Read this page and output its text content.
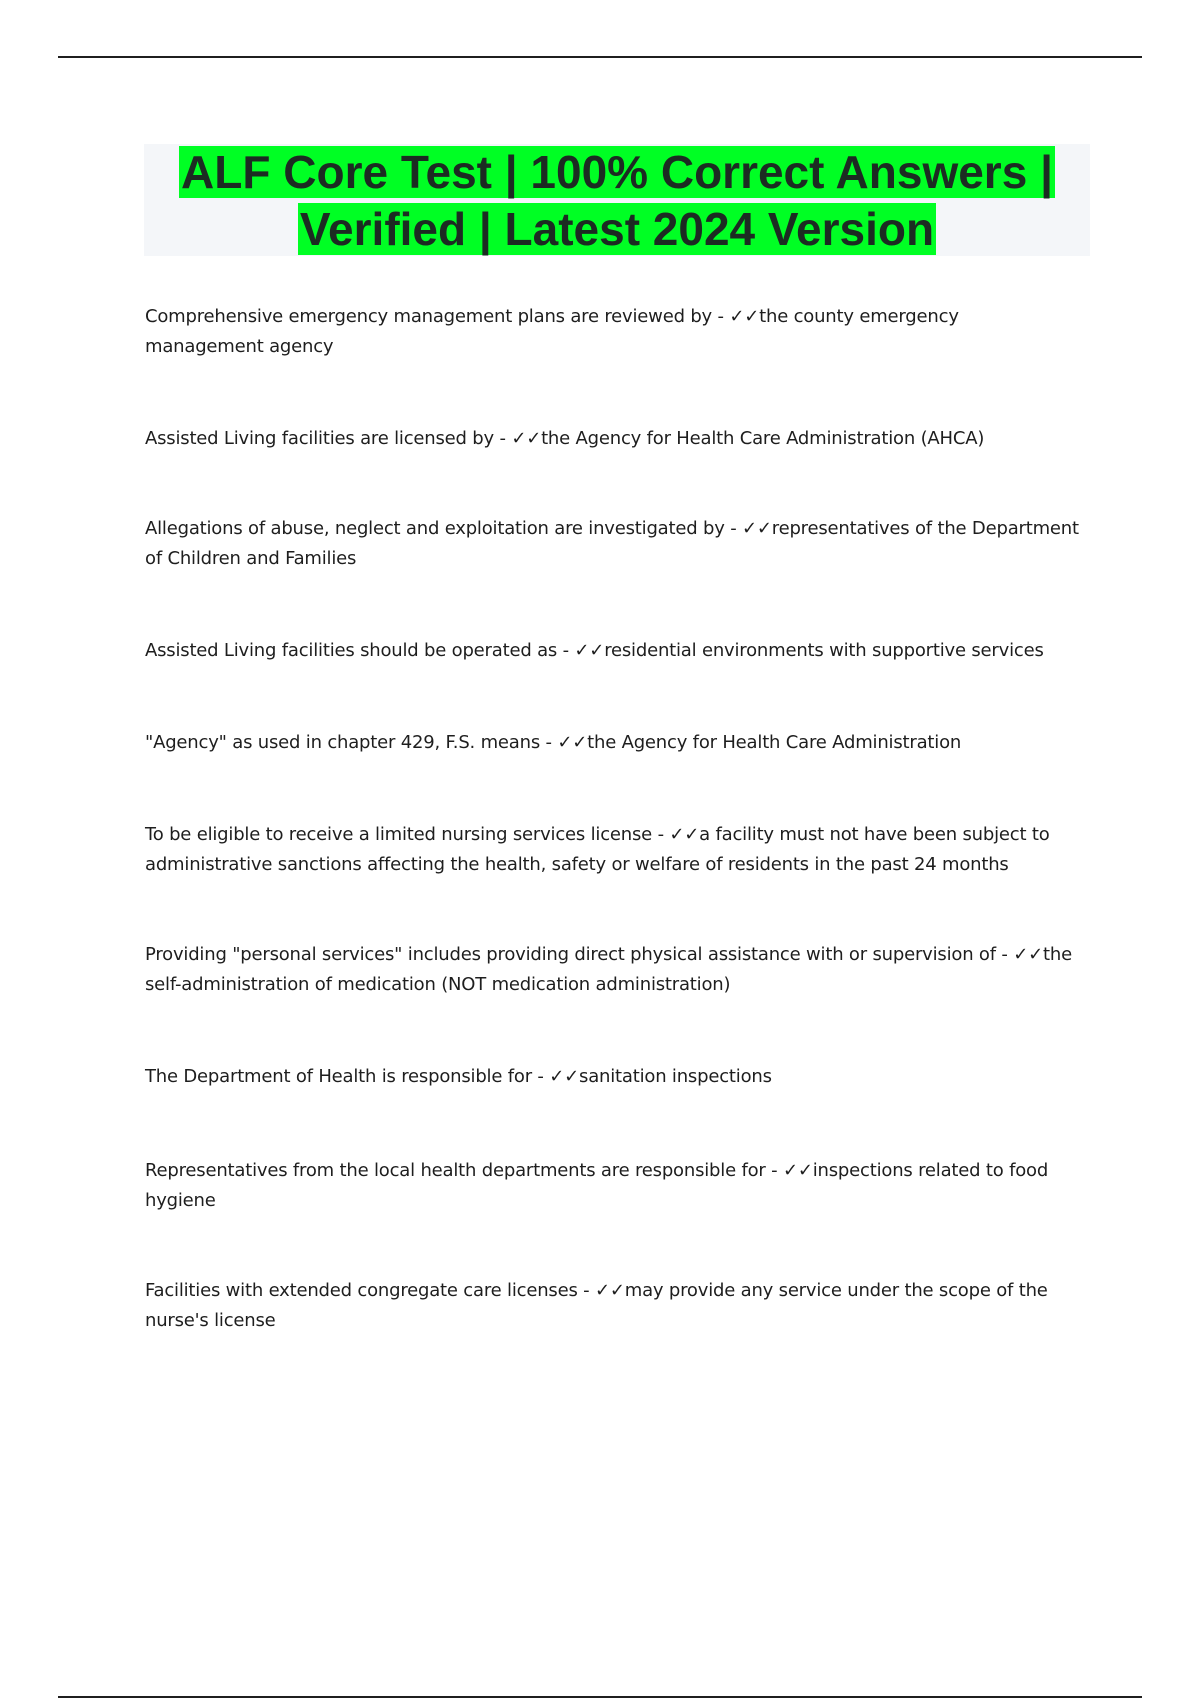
ALF Core Test | 100% Correct Answers |
Verified | Latest 2024 Version
Comprehensive emergency management plans are reviewed by - ✓✓the county emergency management agency
Assisted Living facilities are licensed by - ✓✓the Agency for Health Care Administration (AHCA)
Allegations of abuse, neglect and exploitation are investigated by - ✓✓representatives of the Department of Children and Families
Assisted Living facilities should be operated as - ✓✓residential environments with supportive services
"Agency" as used in chapter 429, F.S. means - ✓✓the Agency for Health Care Administration
To be eligible to receive a limited nursing services license - ✓✓a facility must not have been subject to administrative sanctions affecting the health, safety or welfare of residents in the past 24 months
Providing "personal services" includes providing direct physical assistance with or supervision of - ✓✓the self-administration of medication (NOT medication administration)
The Department of Health is responsible for - ✓✓sanitation inspections
Representatives from the local health departments are responsible for - ✓✓inspections related to food hygiene
Facilities with extended congregate care licenses - ✓✓may provide any service under the scope of the nurse's license
